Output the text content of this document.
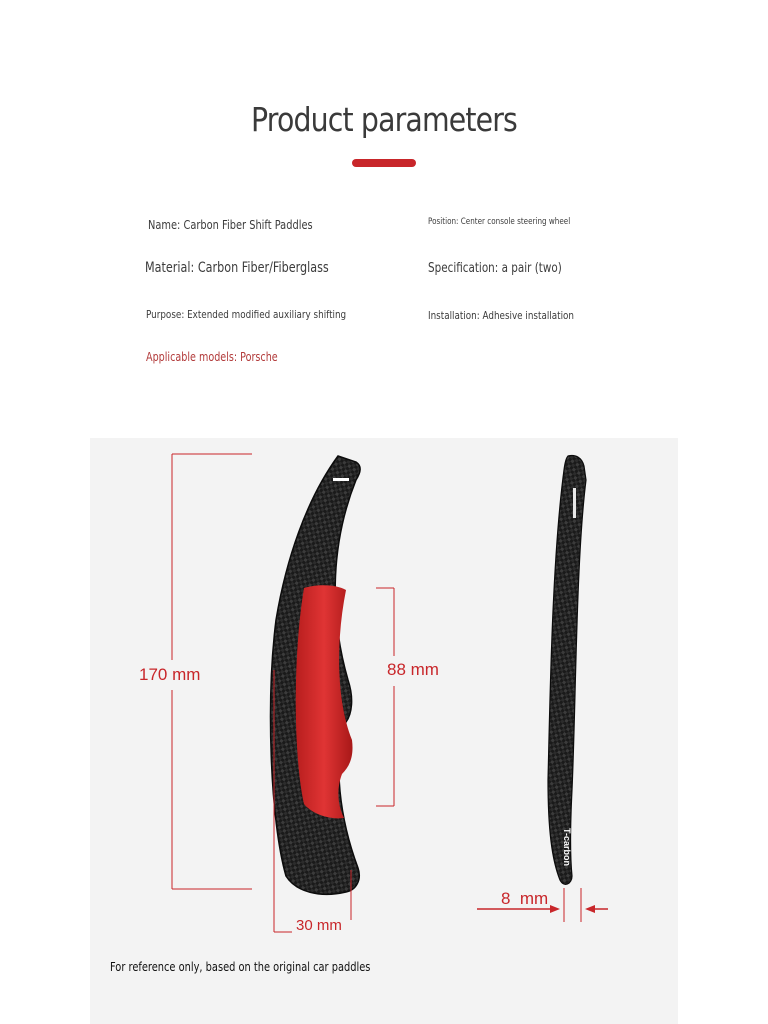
Product parameters
Name: Carbon Fiber Shift Paddles	Position: Center console steering wheel
Material: Carbon Fiber/Fiberglass	Specification: a pair (two)
Purpose: Extended modified auxiliary shifting	Installation: Adhesive installation
Applicable models: Porsche
170 mm	88 mm
30 mm
8  mm
T-carbon
For reference only, based on the original car paddles
